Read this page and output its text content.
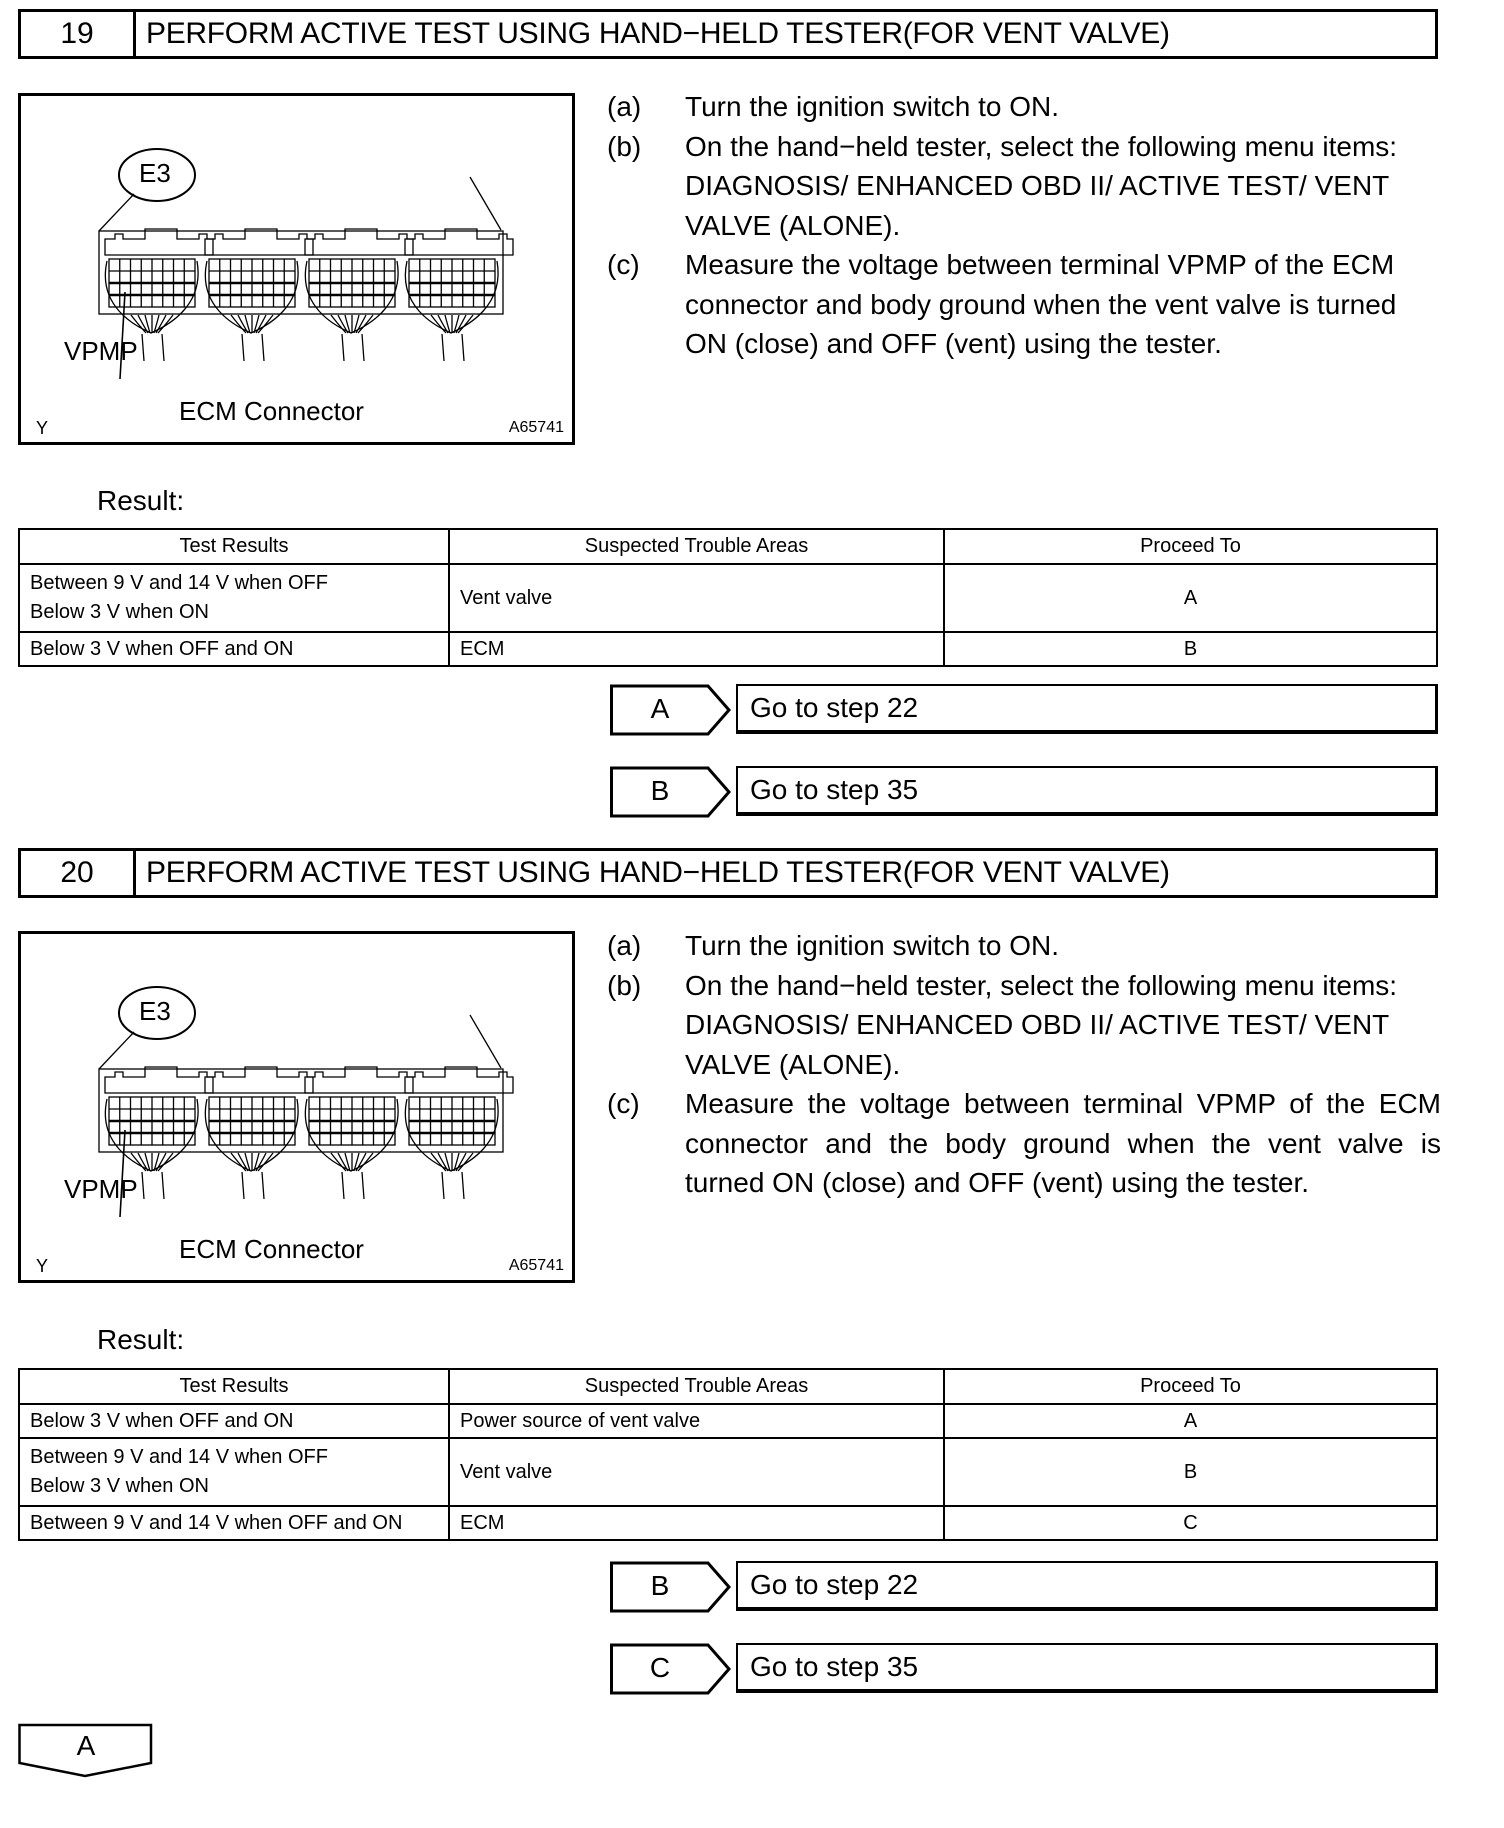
19	PERFORM ACTIVE TEST USING HAND−HELD TESTER(FOR VENT VALVE)
E3
VPMP
ECM Connector
Y	A65741
(a)	Turn the ignition switch to ON.
(b)	On the hand−held tester, select the following menu items:
DIAGNOSIS/ ENHANCED OBD II/ ACTIVE TEST/ VENT
VALVE (ALONE).
(c)	Measure the voltage between terminal VPMP of the ECM
connector and body ground when the vent valve is turned
ON (close) and OFF (vent) using the tester.
Result:
Test Results	Suspected Trouble Areas	Proceed To

Between 9 V and 14 V when OFF
Below 3 V when ON	Vent valve	A

Below 3 V when OFF and ON	ECM	B
A	Go to step 22
B	Go to step 35
20	PERFORM ACTIVE TEST USING HAND−HELD TESTER(FOR VENT VALVE)
E3
VPMP
ECM Connector
Y	A65741
(a)	Turn the ignition switch to ON.
(b)	On the hand−held tester, select the following menu items:
DIAGNOSIS/ ENHANCED OBD II/ ACTIVE TEST/ VENT
VALVE (ALONE).
(c)	Measure the voltage between terminal VPMP of the ECM
connector and the body ground when the vent valve is
turned ON (close) and OFF (vent) using the tester.
Result:
Test Results	Suspected Trouble Areas	Proceed To

Below 3 V when OFF and ON	Power source of vent valve	A

Between 9 V and 14 V when OFF
Below 3 V when ON	Vent valve	B

Between 9 V and 14 V when OFF and ON	ECM	C
B	Go to step 22
C	Go to step 35
A
